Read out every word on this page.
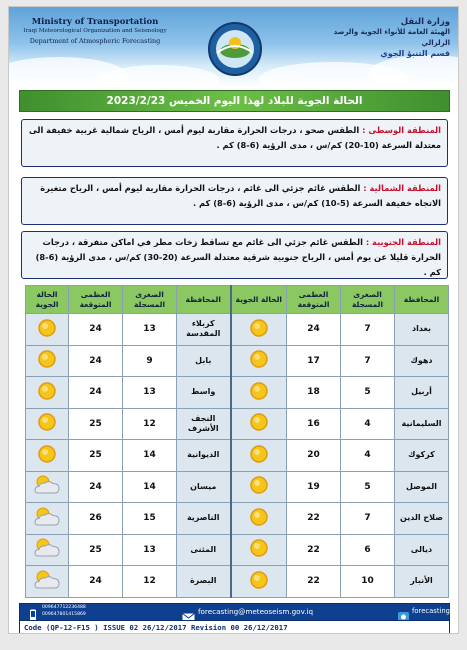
Ministry of Transportation
Iraqi Meteorological Organization and Seismology
Department of Atmospheric Forecasting
وزارة النقل
الهيئة العامة للأنواء الجوية والرصد الزلزالي
قسم التنبؤ الجوي
الحالة الجوية للبلاد لهذا اليوم الخميس 2023/2/23
المنطقة الوسطى : الطقس صحو ، درجات الحرارة مقاربة ليوم أمس ، الرياح شمالية غربية خفيفة الى معتدلة السرعة (10-20) كم/س ، مدى الرؤية (6-8) كم .
المنطقة الشمالية : الطقس غائم جزئي الى غائم ، درجات الحرارة مقاربة ليوم أمس ، الرياح متغيرة الاتجاه خفيفة السرعة (5-10) كم/س ، مدى الرؤية (6-8) كم .
المنطقة الجنوبية : الطقس غائم جزئي الى غائم مع تساقط زخات مطر في اماكن متفرقة ، درجات الحرارة قليلا عن يوم أمس ، الرياح جنوبية شرقية معتدلة السرعة (20-30) كم/س ، مدى الرؤية (6-8) كم .
المحافظة	الصغرى المسجلة	العظمى المتوقعة	الحالة الجوية	المحافظة	الصغرى المسجلة	العظمى المتوقعة	الحالة الجوية
بغداد	7	24		كربلاء المقدسة	13	24	
دهوك	7	17		بابل	9	24	
أربيل	5	18		واسط	13	24	
السليمانية	4	16		النجف الأشرف	12	25	
كركوك	4	20		الديوانية	14	25	
الموصل	5	19		ميسان	14	24	
صلاح الدين	7	22		الناصرية	15	26	
ديالى	6	22		المثنى	13	25	
الأنبار	10	22		البصرة	12	24	
009647712236488
009647801415869	forecasting@meteoseism.gov.iq	forecasting
Code (QP-12-F15 ) ISSUE 02 26/12/2017 Revision 00 26/12/2017
